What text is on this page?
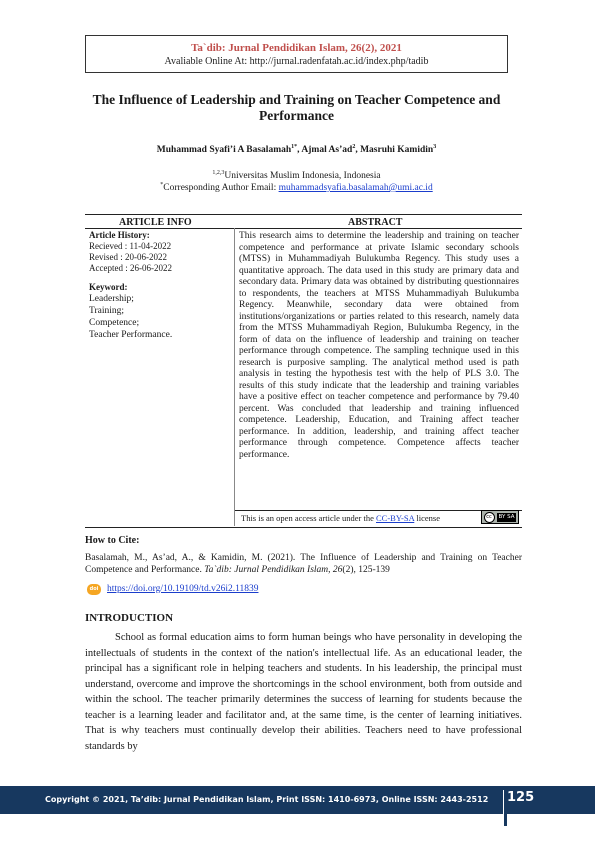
Ta`dib: Jurnal Pendidikan Islam, 26(2), 2021
Avaliable Online At: http://jurnal.radenfatah.ac.id/index.php/tadib
The Influence of Leadership and Training on Teacher Competence and Performance
Muhammad Syafi’i A Basalamah$^{1*}$, Ajmal $As’ad^2$, Masruhi Kamidin$^3$
$^{1,2,3}$Universitas Muslim Indonesia, Indonesia
*Corresponding Author Email: muhammadsyafia.basalamah@umi.ac.id
ARTICLE INFO	ABSTRACT
Article History:
Recieved : 11-04-2022
Revised : 20-06-2022
Accepted : 26-06-2022
Keyword:
Leadership;
Training;
Competence;
Teacher Performance.
This research aims to determine the leadership and training on teacher competence and performance at private Islamic secondary schools (MTSS) in Muhammadiyah Bulukumba Regency. This study uses a quantitative approach. The data used in this study are primary data and secondary data. Primary data was obtained by distributing questionnaires to respondents, the teachers at MTSS Muhammadiyah Bulukumba Regency. Meanwhile, secondary data were obtained from institutions/organizations or parties related to this research, namely data from the MTSS Muhammadiyah Region, Bulukumba Regency, in the form of data on the influence of leadership and training on teacher performance through competence. The sampling technique used in this research is purposive sampling. The analytical method used is path analysis in testing the hypothesis test with the help of PLS 3.0. The results of this study indicate that the leadership and training variables have a positive effect on teacher competence and performance by 79.40 percent. Was concluded that leadership and training influenced competence. Leadership, Education, and Training affect teacher performance. In addition, leadership, and training affect teacher performance through competence. Competence affects teacher performance.
This is an open access article under the CC-BY-SA license	cc	BY SA
How to Cite:
Basalamah, M., As’ad, A., & Kamidin, M. (2021). The Influence of Leadership and Training on Teacher Competence and Performance. Ta`dib: Jurnal Pendidikan Islam, 26(2), 125-139
doi https://doi.org/10.19109/td.v26i2.11839
INTRODUCTION
School as formal education aims to form human beings who have personality in developing the intellectuals of students in the context of the nation's intellectual life. As an educational leader, the principal has a significant role in helping teachers and students. In his leadership, the principal must understand, overcome and improve the shortcomings in the school environment, both from outside and within the school. The teacher primarily determines the success of learning for students because the teacher is a learning leader and facilitator and, at the same time, is the center of learning initiatives. That is why teachers must continually develop their abilities. Teachers need to have professional standards by
Copyright © 2021, Ta’dib: Jurnal Pendidikan Islam, Print ISSN: 1410-6973, Online ISSN: 2443-2512 125
